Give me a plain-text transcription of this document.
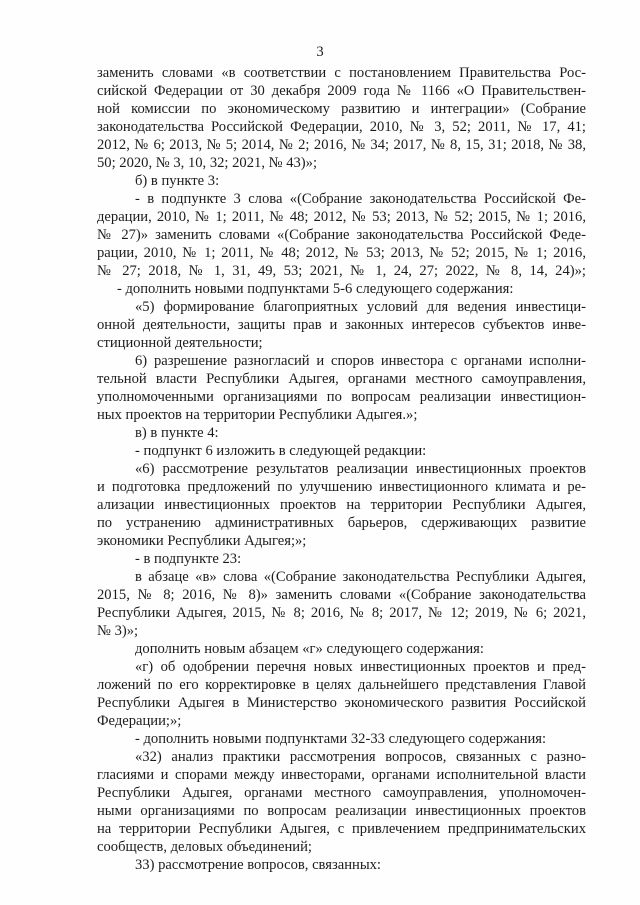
3
заменить словами «в соответствии с постановлением Правительства Рос-
сийской Федерации от 30 декабря 2009 года № 1166 «О Правительствен-
ной комиссии по экономическому развитию и интеграции» (Собрание
законодательства Российской Федерации, 2010, № 3, 52; 2011, № 17, 41;
2012, № 6; 2013, № 5; 2014, № 2; 2016, № 34; 2017, № 8, 15, 31; 2018, № 38,
50; 2020, № 3, 10, 32; 2021, № 43)»;
б) в пункте 3:
- в подпункте 3 слова «(Собрание законодательства Российской Фе-
дерации, 2010, № 1; 2011, № 48; 2012, № 53; 2013, № 52; 2015, № 1; 2016,
№ 27)» заменить словами «(Собрание законодательства Российской Феде-
рации, 2010, № 1; 2011, № 48; 2012, № 53; 2013, № 52; 2015, № 1; 2016,
№ 27; 2018, № 1, 31, 49, 53; 2021, № 1, 24, 27; 2022, № 8, 14, 24)»;
- дополнить новыми подпунктами 5-6 следующего содержания:
«5) формирование благоприятных условий для ведения инвестици-
онной деятельности, защиты прав и законных интересов субъектов инве-
стиционной деятельности;
6) разрешение разногласий и споров инвестора с органами исполни-
тельной власти Республики Адыгея, органами местного самоуправления,
уполномоченными организациями по вопросам реализации инвестицион-
ных проектов на территории Республики Адыгея.»;
в) в пункте 4:
- подпункт 6 изложить в следующей редакции:
«6) рассмотрение результатов реализации инвестиционных проектов
и подготовка предложений по улучшению инвестиционного климата и ре-
ализации инвестиционных проектов на территории Республики Адыгея,
по устранению административных барьеров, сдерживающих развитие
экономики Республики Адыгея;»;
- в подпункте 23:
в абзаце «в» слова «(Собрание законодательства Республики Адыгея,
2015, № 8; 2016, № 8)» заменить словами «(Собрание законодательства
Республики Адыгея, 2015, № 8; 2016, № 8; 2017, № 12; 2019, № 6; 2021,
№ 3)»;
дополнить новым абзацем «г» следующего содержания:
«г) об одобрении перечня новых инвестиционных проектов и пред-
ложений по его корректировке в целях дальнейшего представления Главой
Республики Адыгея в Министерство экономического развития Российской
Федерации;»;
- дополнить новыми подпунктами 32-33 следующего содержания:
«32) анализ практики рассмотрения вопросов, связанных с разно-
гласиями и спорами между инвесторами, органами исполнительной власти
Республики Адыгея, органами местного самоуправления, уполномочен-
ными организациями по вопросам реализации инвестиционных проектов
на территории Республики Адыгея, с привлечением предпринимательских
сообществ, деловых объединений;
33) рассмотрение вопросов, связанных:
